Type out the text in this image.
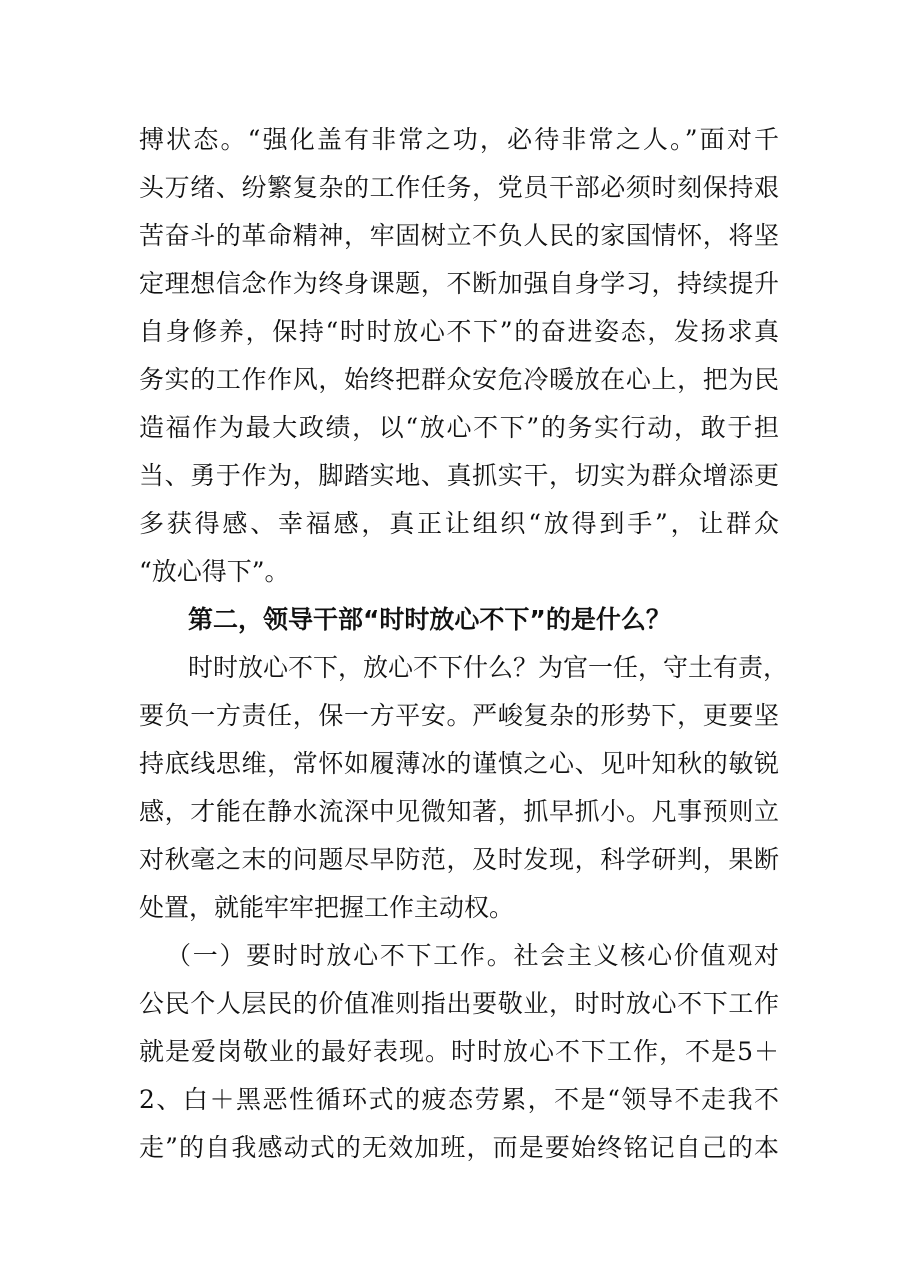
搏状态。“强化盖有非常之功，必待非常之人。”面对千
头万绪、纷繁复杂的工作任务，党员干部必须时刻保持艰
苦奋斗的革命精神，牢固树立不负人民的家国情怀，将坚
定理想信念作为终身课题，不断加强自身学习，持续提升
自身修养，保持“时时放心不下”的奋进姿态，发扬求真
务实的工作作风，始终把群众安危冷暖放在心上，把为民
造福作为最大政绩，以“放心不下”的务实行动，敢于担
当、勇于作为，脚踏实地、真抓实干，切实为群众增添更
多获得感、幸福感，真正让组织“放得到手”，让群众
“放心得下”。
第二，领导干部“时时放心不下”的是什么？
时时放心不下，放心不下什么？为官一任，守土有责，
要负一方责任，保一方平安。严峻复杂的形势下，更要坚
持底线思维，常怀如履薄冰的谨慎之心、见叶知秋的敏锐
感，才能在静水流深中见微知著，抓早抓小。凡事预则立
对秋毫之末的问题尽早防范，及时发现，科学研判，果断
处置，就能牢牢把握工作主动权。
（一）要时时放心不下工作。社会主义核心价值观对
公民个人层民的价值准则指出要敬业，时时放心不下工作
就是爱岗敬业的最好表现。时时放心不下工作，不是5＋
2、白＋黑恶性循环式的疲态劳累，不是“领导不走我不
走”的自我感动式的无效加班，而是要始终铭记自己的本
